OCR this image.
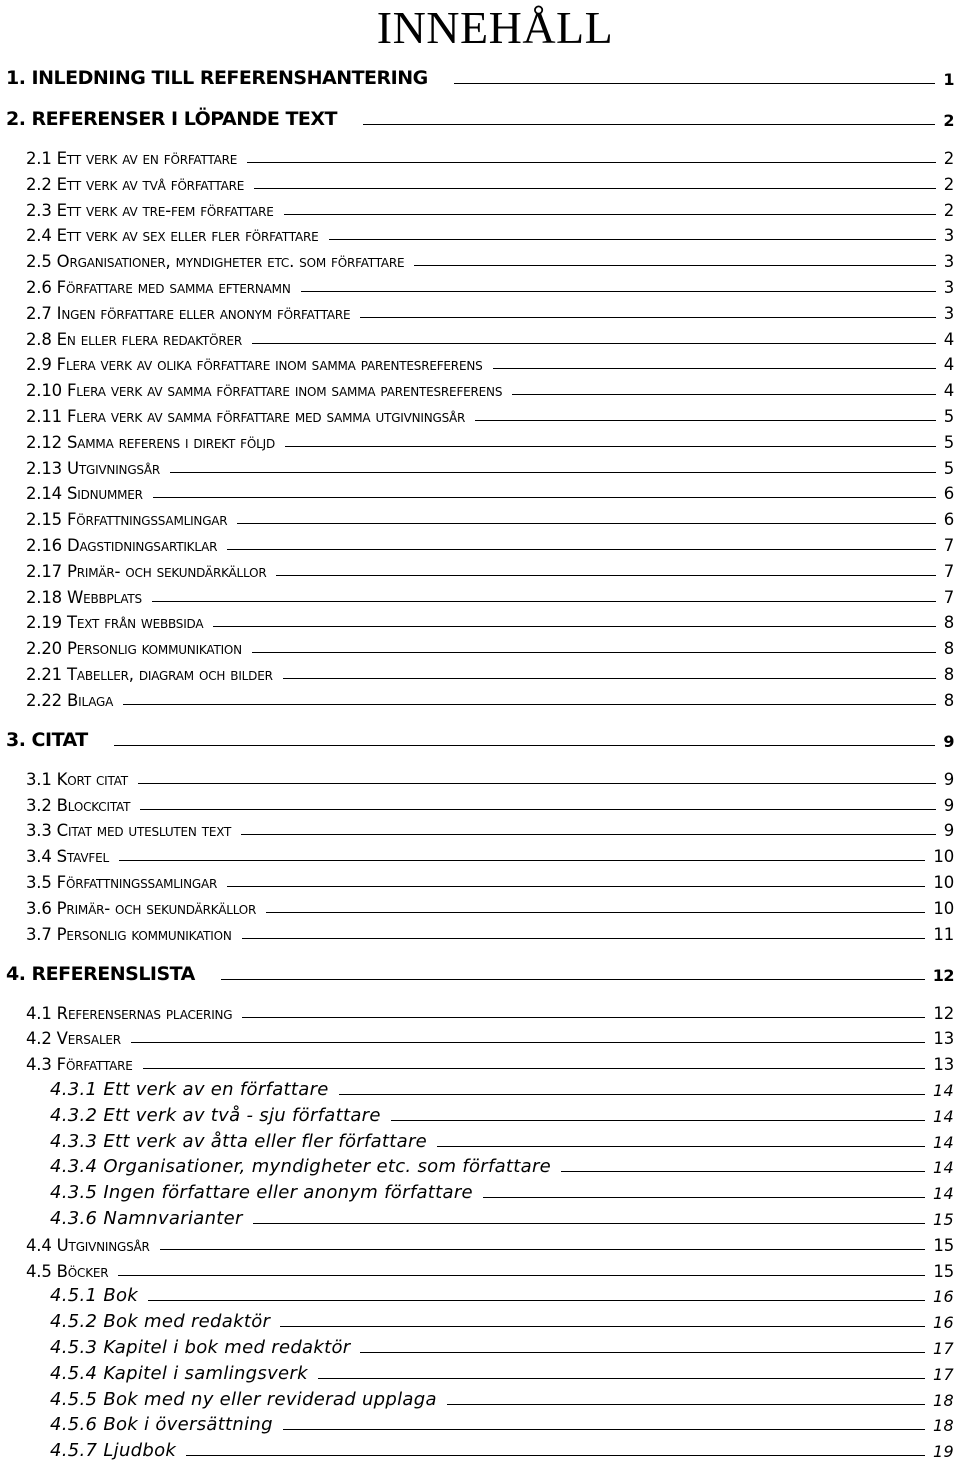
INNEHÅLL
1. INLEDNING TILL REFERENSHANTERING	1
2. REFERENSER I LÖPANDE TEXT	2
2.1 Ett verk av en författare	2
2.2 Ett verk av två författare	2
2.3 Ett verk av tre-fem författare	2
2.4 Ett verk av sex eller fler författare	3
2.5 Organisationer, myndigheter etc. som författare	3
2.6 Författare med samma efternamn	3
2.7 Ingen författare eller anonym författare	3
2.8 En eller flera redaktörer	4
2.9 Flera verk av olika författare inom samma parentesreferens	4
2.10 Flera verk av samma författare inom samma parentesreferens	4
2.11 Flera verk av samma författare med samma utgivningsår	5
2.12 Samma referens i direkt följd	5
2.13 Utgivningsår	5
2.14 Sidnummer	6
2.15 Författningssamlingar	6
2.16 Dagstidningsartiklar	7
2.17 Primär- och sekundärkällor	7
2.18 Webbplats	7
2.19 Text från webbsida	8
2.20 Personlig kommunikation	8
2.21 Tabeller, diagram och bilder	8
2.22 Bilaga	8
3. CITAT	9
3.1 Kort citat	9
3.2 Blockcitat	9
3.3 Citat med utesluten text	9
3.4 Stavfel	10
3.5 Författningssamlingar	10
3.6 Primär- och sekundärkällor	10
3.7 Personlig kommunikation	11
4. REFERENSLISTA	12
4.1 Referensernas placering	12
4.2 Versaler	13
4.3 Författare	13
4.3.1 Ett verk av en författare	14
4.3.2 Ett verk av två - sju författare	14
4.3.3 Ett verk av åtta eller fler författare	14
4.3.4 Organisationer, myndigheter etc. som författare	14
4.3.5 Ingen författare eller anonym författare	14
4.3.6 Namnvarianter	15
4.4 Utgivningsår	15
4.5 Böcker	15
4.5.1 Bok	16
4.5.2 Bok med redaktör	16
4.5.3 Kapitel i bok med redaktör	17
4.5.4 Kapitel i samlingsverk	17
4.5.5 Bok med ny eller reviderad upplaga	18
4.5.6 Bok i översättning	18
4.5.7 Ljudbok	19
